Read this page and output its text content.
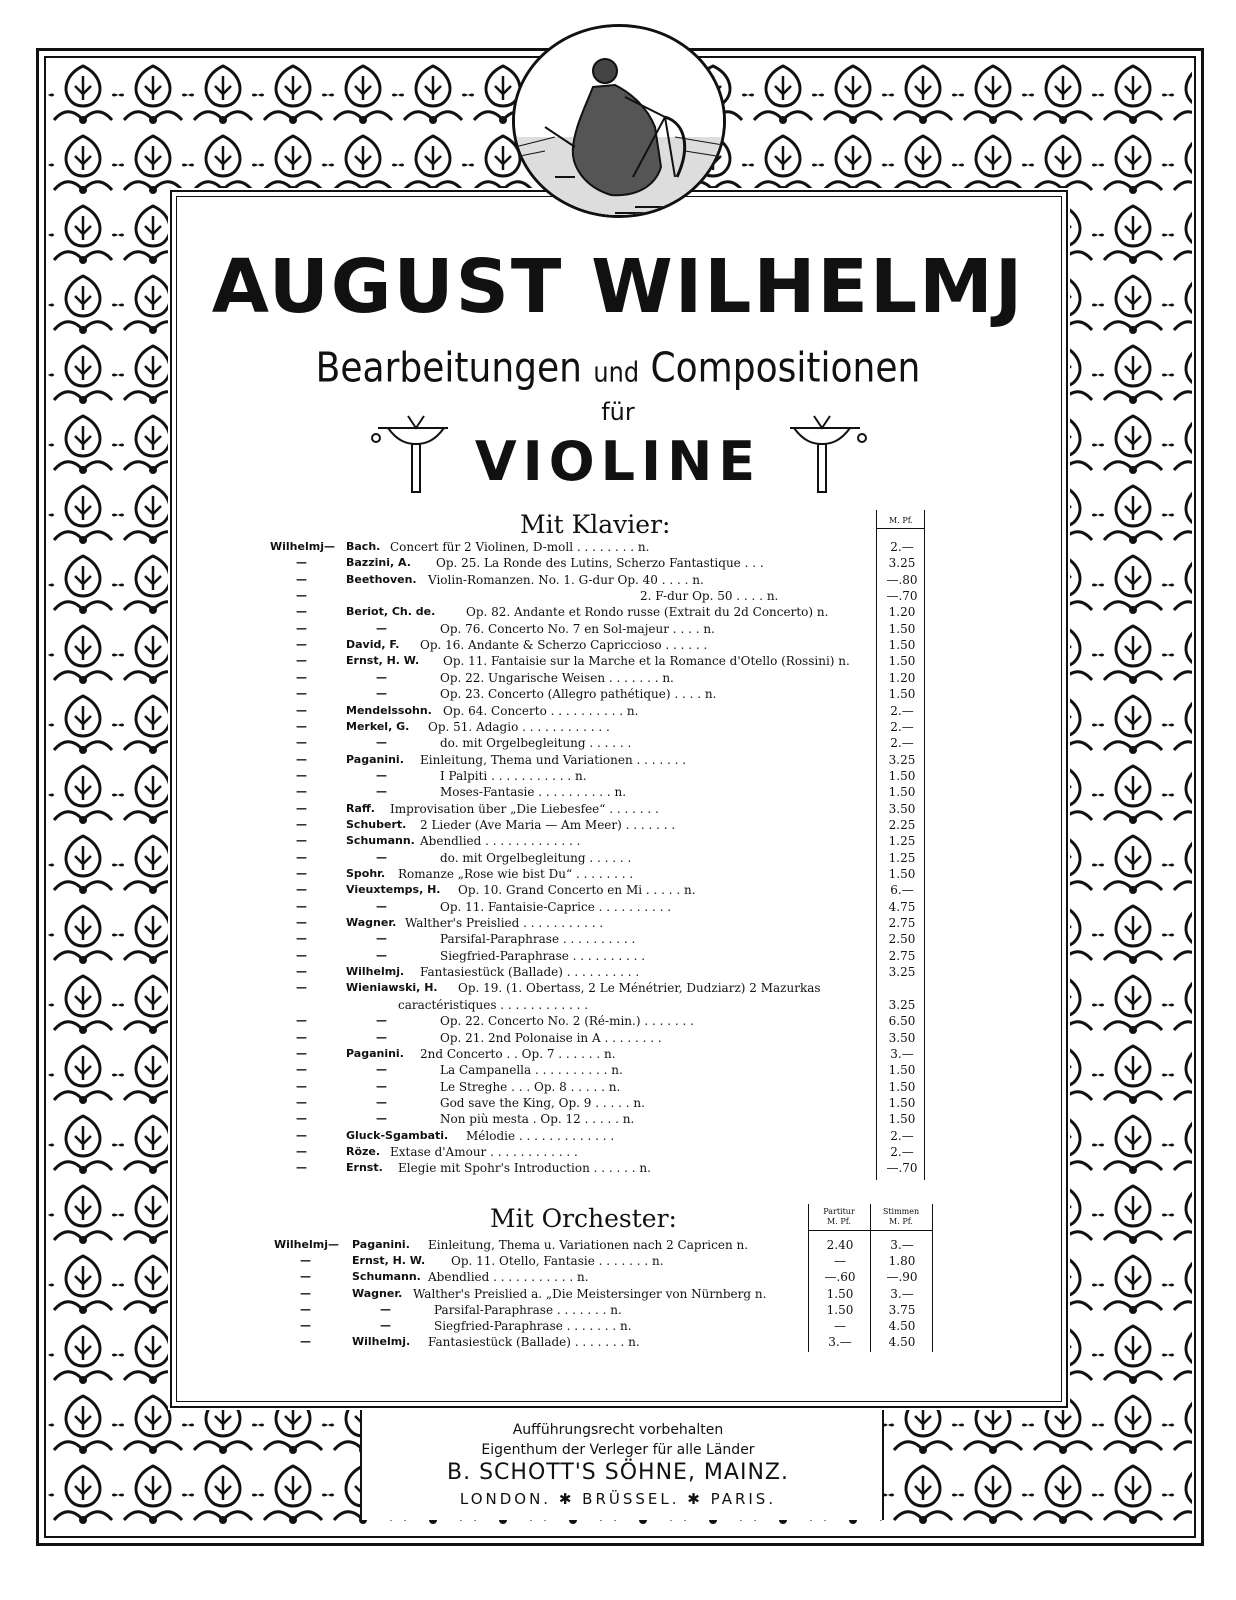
AUGUST WILHELMJ
Bearbeitungen und Compositionen
für
VIOLINE
Mit Klavier:	M. Pf.
Wilhelmj— Bach. Concert für 2 Violinen, D-moll . . . . . . . . n.	2.—
—	Bazzini, A. Op. 25. La Ronde des Lutins, Scherzo Fantastique . . .	3.25
—	Beethoven. Violin-Romanzen. No. 1. G-dur Op. 40 . . . . n.	—.80
—	2. F-dur Op. 50 . . . . n.	—.70
—	Beriot, Ch. de.	Op. 82. Andante et Rondo russe (Extrait du 2d Concerto) n.	1.20
—	—	Op. 76. Concerto No. 7 en Sol-majeur . . . . n.	1.50
—	David, F. Op. 16. Andante & Scherzo Capriccioso . . . . . .	1.50
—	Ernst, H. W. Op. 11. Fantaisie sur la Marche et la Romance d'Otello (Rossini) n.	1.50
—	—	Op. 22. Ungarische Weisen . . . . . . . n.	1.20
—	—	Op. 23. Concerto (Allegro pathétique) . . . . n.	1.50
—	Mendelssohn. Op. 64. Concerto . . . . . . . . . . n.	2.—
—	Merkel, G. Op. 51. Adagio . . . . . . . . . . . .	2.—
—	—	do. mit Orgelbegleitung . . . . . .	2.—
—	Paganini. Einleitung, Thema und Variationen . . . . . . .	3.25
—	—	I Palpiti . . . . . . . . . . . n.	1.50
—	—	Moses-Fantasie . . . . . . . . . . n.	1.50
—	Raff. Improvisation über „Die Liebesfee“ . . . . . . .	3.50
—	Schubert. 2 Lieder (Ave Maria — Am Meer) . . . . . . .	2.25
—	Schumann. Abendlied . . . . . . . . . . . . .	1.25
—	—	do. mit Orgelbegleitung . . . . . .	1.25
—	Spohr. Romanze „Rose wie bist Du“ . . . . . . . .	1.50
—	Vieuxtemps, H. Op. 10. Grand Concerto en Mi . . . . . n.	6.—
—	—	Op. 11. Fantaisie-Caprice . . . . . . . . . .	4.75
—	Wagner. Walther's Preislied . . . . . . . . . . .	2.75
—	—	Parsifal-Paraphrase . . . . . . . . . .	2.50
—	—	Siegfried-Paraphrase . . . . . . . . . .	2.75
—	Wilhelmj. Fantasiestück (Ballade) . . . . . . . . . .	3.25
—	Wieniawski, H. Op. 19. (1. Obertass, 2 Le Ménétrier, Dudziarz) 2 Mazurkas
caractéristiques . . . . . . . . . . . .	3.25
—	—	Op. 22. Concerto No. 2 (Ré-min.) . . . . . . .	6.50
—	—	Op. 21. 2nd Polonaise in A . . . . . . . .	3.50
—	Paganini. 2nd Concerto . . Op. 7 . . . . . . n.	3.—
—	—	La Campanella . . . . . . . . . . n.	1.50
—	—	Le Streghe . . . Op. 8 . . . . . n.	1.50
—	—	God save the King, Op. 9 . . . . . n.	1.50
—	—	Non più mesta . Op. 12 . . . . . n.	1.50
—	Gluck-Sgambati. Mélodie . . . . . . . . . . . . .	2.—
—	Röze. Extase d'Amour . . . . . . . . . . . .	2.—
—	Ernst. Elegie mit Spohr's Introduction . . . . . . n.	—.70
Mit Orchester:	Partitur
M. Pf.
Stimmen
M. Pf.
Wilhelmj— Paganini. Einleitung, Thema u. Variationen nach 2 Capricen n.	2.40	3.—
—	Ernst, H. W. Op. 11. Otello, Fantasie . . . . . . . n.	—	1.80
—	Schumann. Abendlied . . . . . . . . . . . n.	—.60	—.90
—	Wagner. Walther's Preislied a. „Die Meistersinger von Nürnberg n.	1.50	3.—
—	—	Parsifal-Paraphrase . . . . . . . n.	1.50	3.75
—	—	Siegfried-Paraphrase . . . . . . . n.	—	4.50
—	Wilhelmj. Fantasiestück (Ballade) . . . . . . . n.	3.—	4.50
Aufführungsrecht vorbehalten
Eigenthum der Verleger für alle Länder
B. SCHOTT'S SÖHNE, MAINZ.
LONDON. ✱ BRÜSSEL. ✱ PARIS.
